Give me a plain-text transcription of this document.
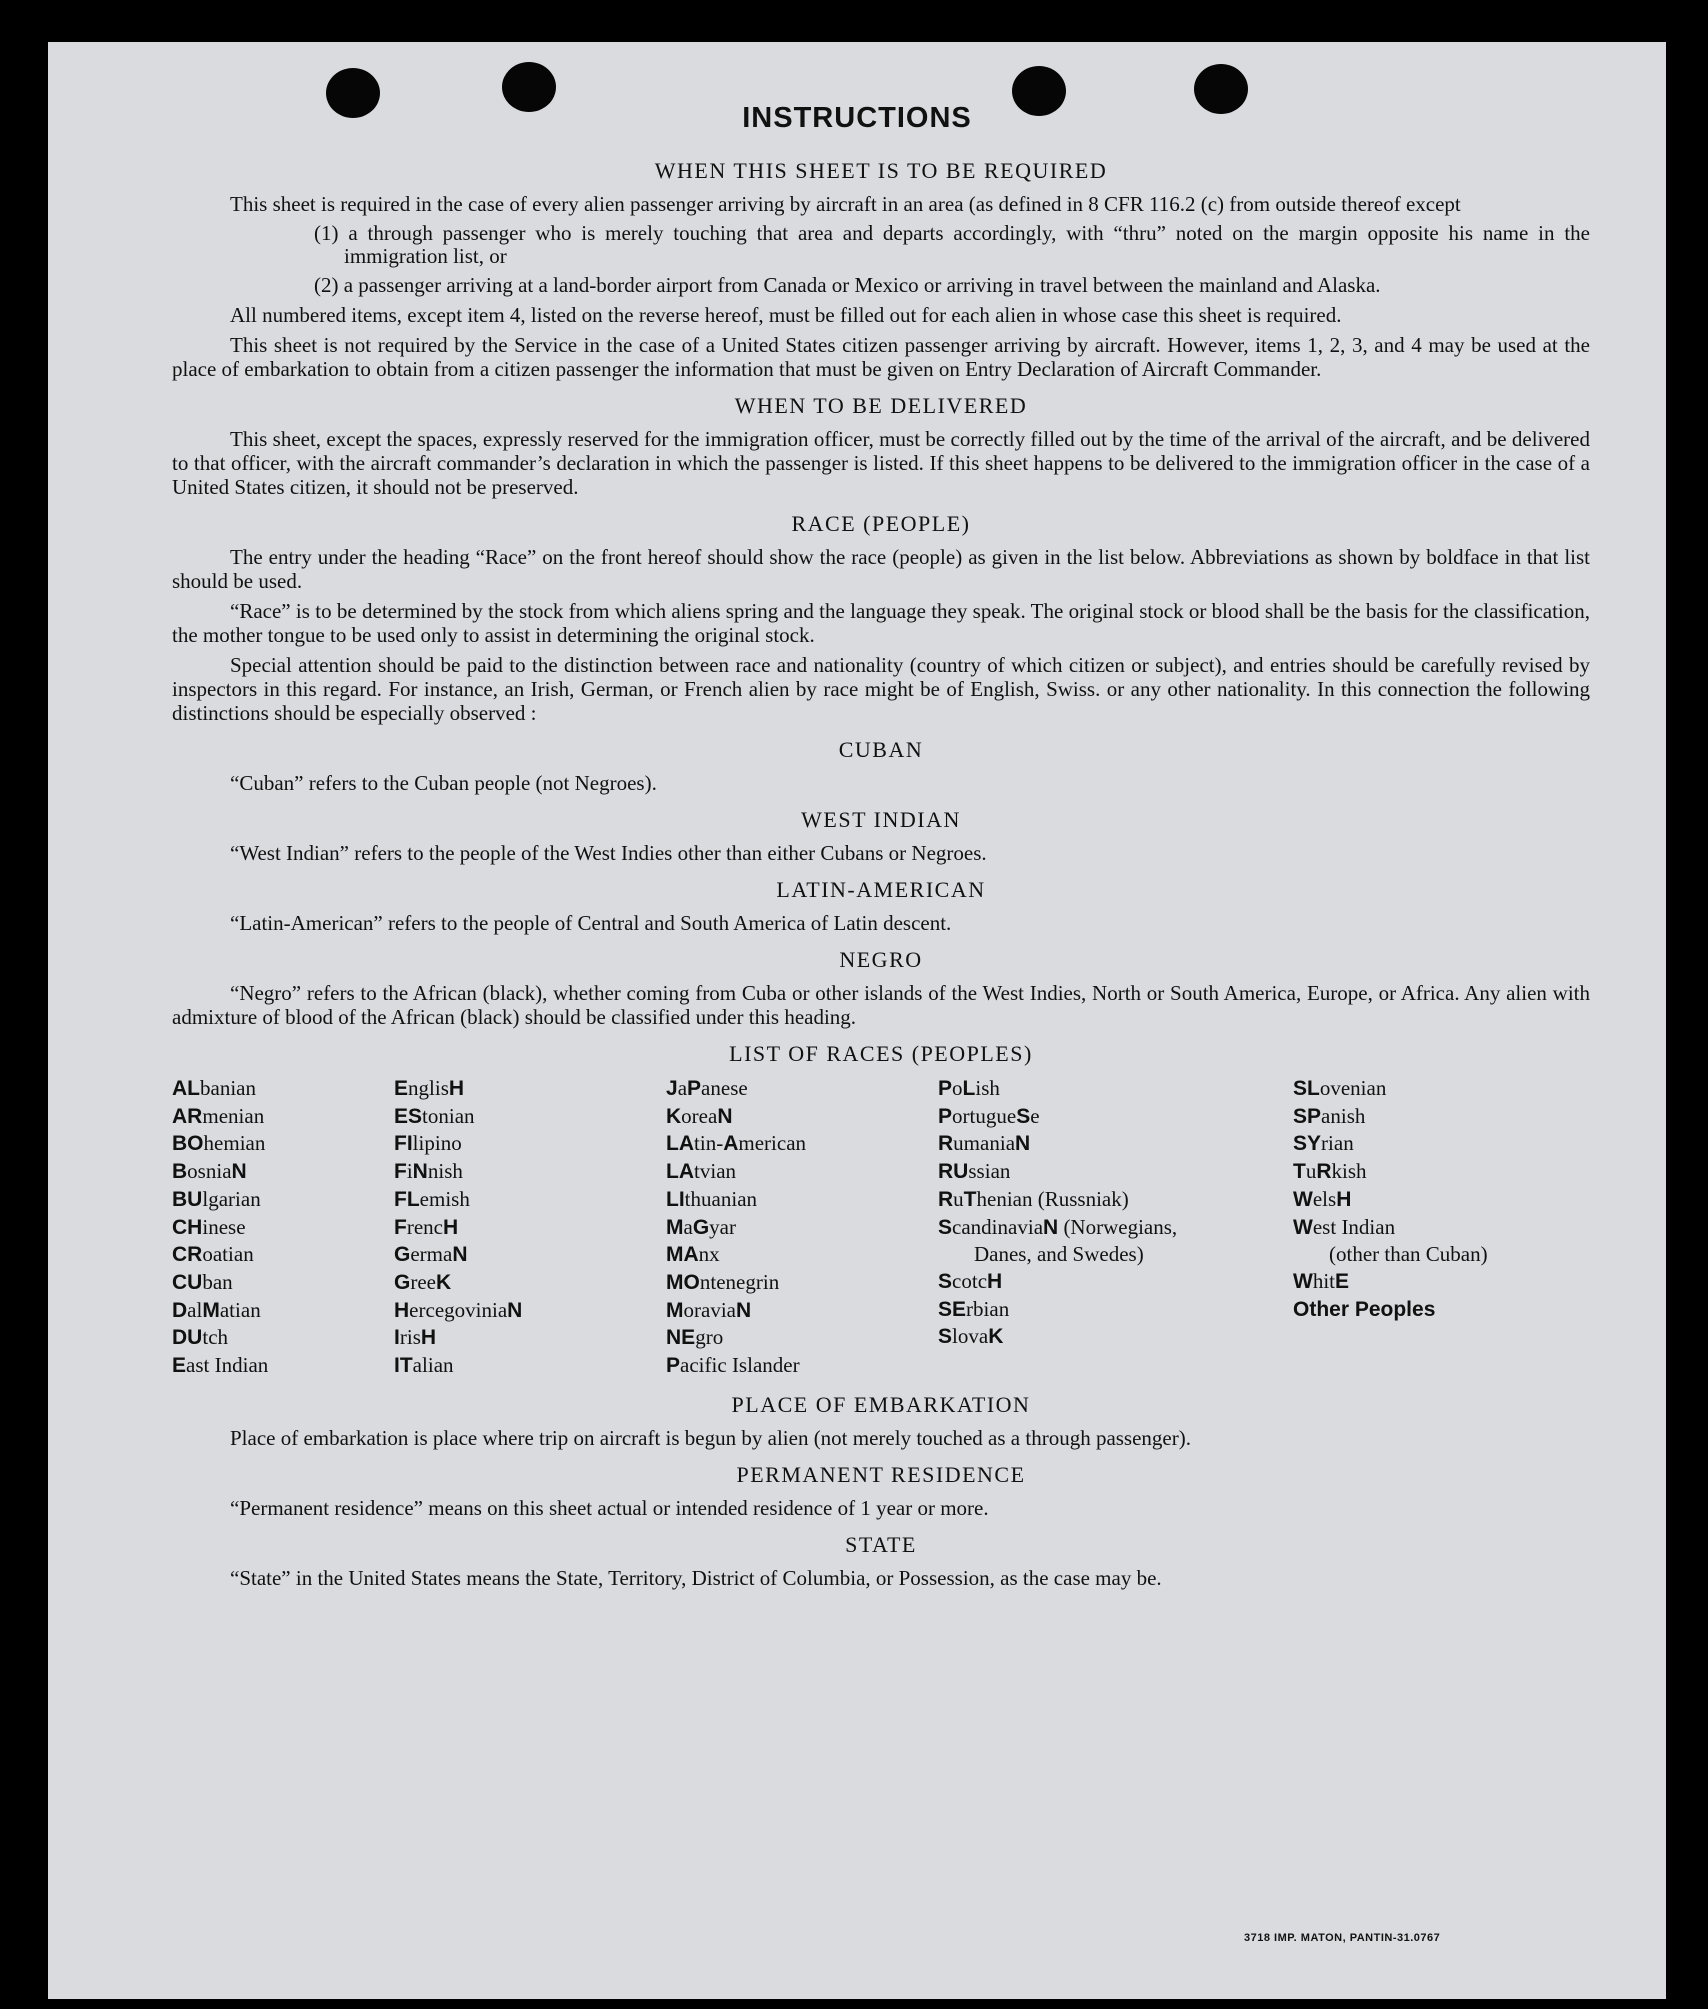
INSTRUCTIONS
WHEN THIS SHEET IS TO BE REQUIRED

This sheet is required in the case of every alien passenger arriving by aircraft in an area (as defined in 8 CFR 116.2 (c) from outside thereof except

(1) a through passenger who is merely touching that area and departs accordingly, with “thru” noted on the margin opposite his name in the immigration list, or

(2) a passenger arriving at a land-border airport from Canada or Mexico or arriving in travel between the mainland and Alaska.

All numbered items, except item 4, listed on the reverse hereof, must be filled out for each alien in whose case this sheet is required.

This sheet is not required by the Service in the case of a United States citizen passenger arriving by aircraft. However, items 1, 2, 3, and 4 may be used at the place of embarkation to obtain from a citizen passenger the information that must be given on Entry Declaration of Aircraft Commander.

WHEN TO BE DELIVERED

This sheet, except the spaces, expressly reserved for the immigration officer, must be correctly filled out by the time of the arrival of the aircraft, and be delivered to that officer, with the aircraft commander’s declaration in which the passenger is listed. If this sheet happens to be delivered to the immigration officer in the case of a United States citizen, it should not be preserved.

RACE (PEOPLE)

The entry under the heading “Race” on the front hereof should show the race (people) as given in the list below. Abbreviations as shown by boldface in that list should be used.

“Race” is to be determined by the stock from which aliens spring and the language they speak. The original stock or blood shall be the basis for the classification, the mother tongue to be used only to assist in determining the original stock.

Special attention should be paid to the distinction between race and nationality (country of which citizen or subject), and entries should be carefully revised by inspectors in this regard. For instance, an Irish, German, or French alien by race might be of English, Swiss. or any other nationality. In this connection the following distinctions should be especially observed :

CUBAN

“Cuban” refers to the Cuban people (not Negroes).

WEST INDIAN

“West Indian” refers to the people of the West Indies other than either Cubans or Negroes.

LATIN-AMERICAN

“Latin-American” refers to the people of Central and South America of Latin descent.

NEGRO

“Negro” refers to the African (black), whether coming from Cuba or other islands of the West Indies, North or South America, Europe, or Africa. Any alien with admixture of blood of the African (black) should be classified under this heading.

LIST OF RACES (PEOPLES)
ALbanian
ARmenian
BOhemian
BosniaN
BUlgarian
CHinese
CRoatian
CUban
DalMatian
DUtch
East Indian
EnglisH
EStonian
FIlipino
FiNnish
FLemish
FrencH
GermaN
GreeK
HercegoviniaN
IrisH
ITalian
JaPanese
KoreaN
LAtin-American
LAtvian
LIthuanian
MaGyar
MAnx
MOntenegrin
MoraviaN
NEgro
Pacific Islander
PoLish
PortugueSe
RumaniaN
RUssian
RuThenian (Russniak)
ScandinaviaN (Norwegians,
Danes, and Swedes)
ScotcH
SErbian
SlovaK
SLovenian
SPanish
SYrian
TuRkish
WelsH
West Indian
(other than Cuban)
WhitE
Other Peoples
PLACE OF EMBARKATION

Place of embarkation is place where trip on aircraft is begun by alien (not merely touched as a through passenger).

PERMANENT RESIDENCE

“Permanent residence” means on this sheet actual or intended residence of 1 year or more.

STATE

“State” in the United States means the State, Territory, District of Columbia, or Possession, as the case may be.

3718 IMP. MATON, PANTIN-31.0767
